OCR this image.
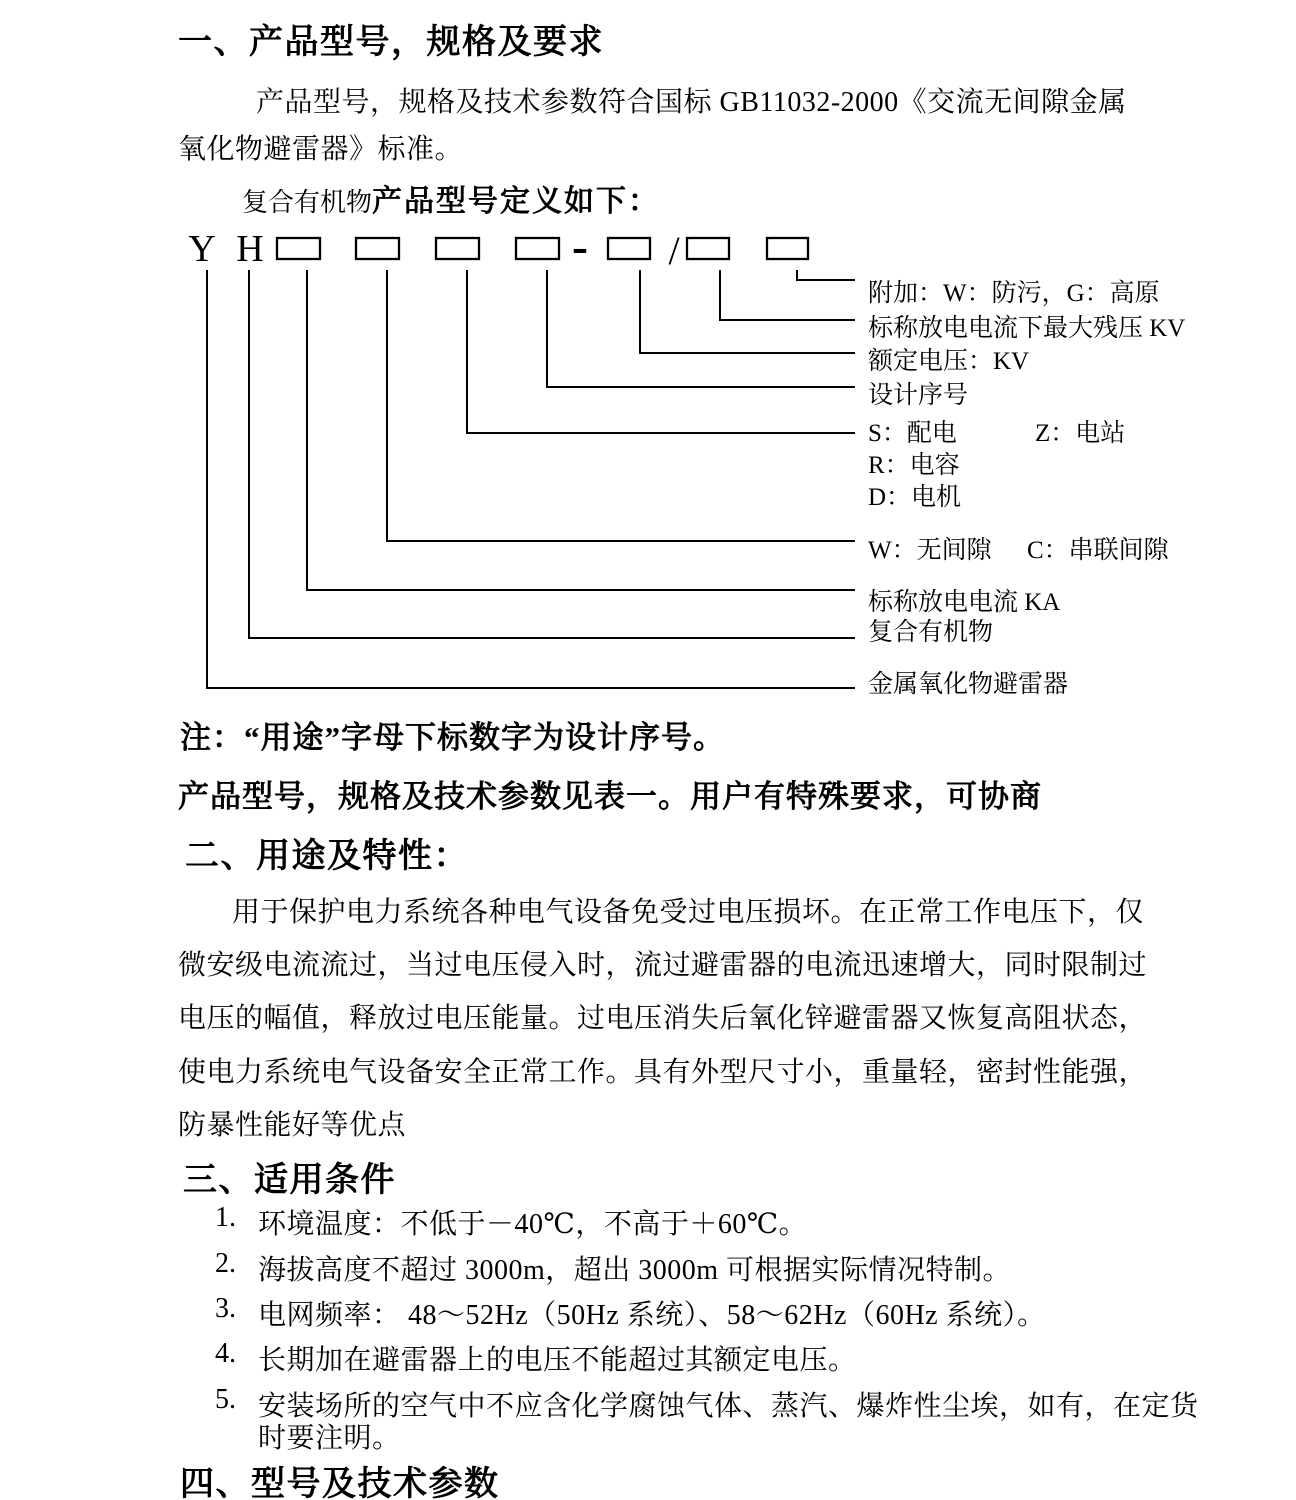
一、产品型号，规格及要求
产品型号，规格及技术参数符合国标 GB11032-2000《交流无间隙金属
氧化物避雷器》标准。
复合有机物产品型号定义如下：
Y H	- /
附加：W：防污，G：高原
标称放电电流下最大残压 KV
额定电压：KV
设计序号
S：配电	Z：电站
R：电容
D：电机
W：无间隙 C：串联间隙
标称放电电流 KA
复合有机物
金属氧化物避雷器
注：“用途”字母下标数字为设计序号。
产品型号，规格及技术参数见表一。用户有特殊要求，可协商
二、用途及特性：
用于保护电力系统各种电气设备免受过电压损坏。在正常工作电压下，仅
微安级电流流过，当过电压侵入时，流过避雷器的电流迅速增大，同时限制过
电压的幅值，释放过电压能量。过电压消失后氧化锌避雷器又恢复高阻状态，
使电力系统电气设备安全正常工作。具有外型尺寸小，重量轻，密封性能强，
防暴性能好等优点
三、适用条件
1. 环境温度：不低于－40℃，不高于＋60℃。
2. 海拔高度不超过 3000m，超出 3000m 可根据实际情况特制。
3. 电网频率： 48～52Hz（50Hz 系统）、58～62Hz（60Hz 系统）。
4. 长期加在避雷器上的电压不能超过其额定电压。
5. 安装场所的空气中不应含化学腐蚀气体、蒸汽、爆炸性尘埃，如有，在定货
时要注明。
四、型号及技术参数
